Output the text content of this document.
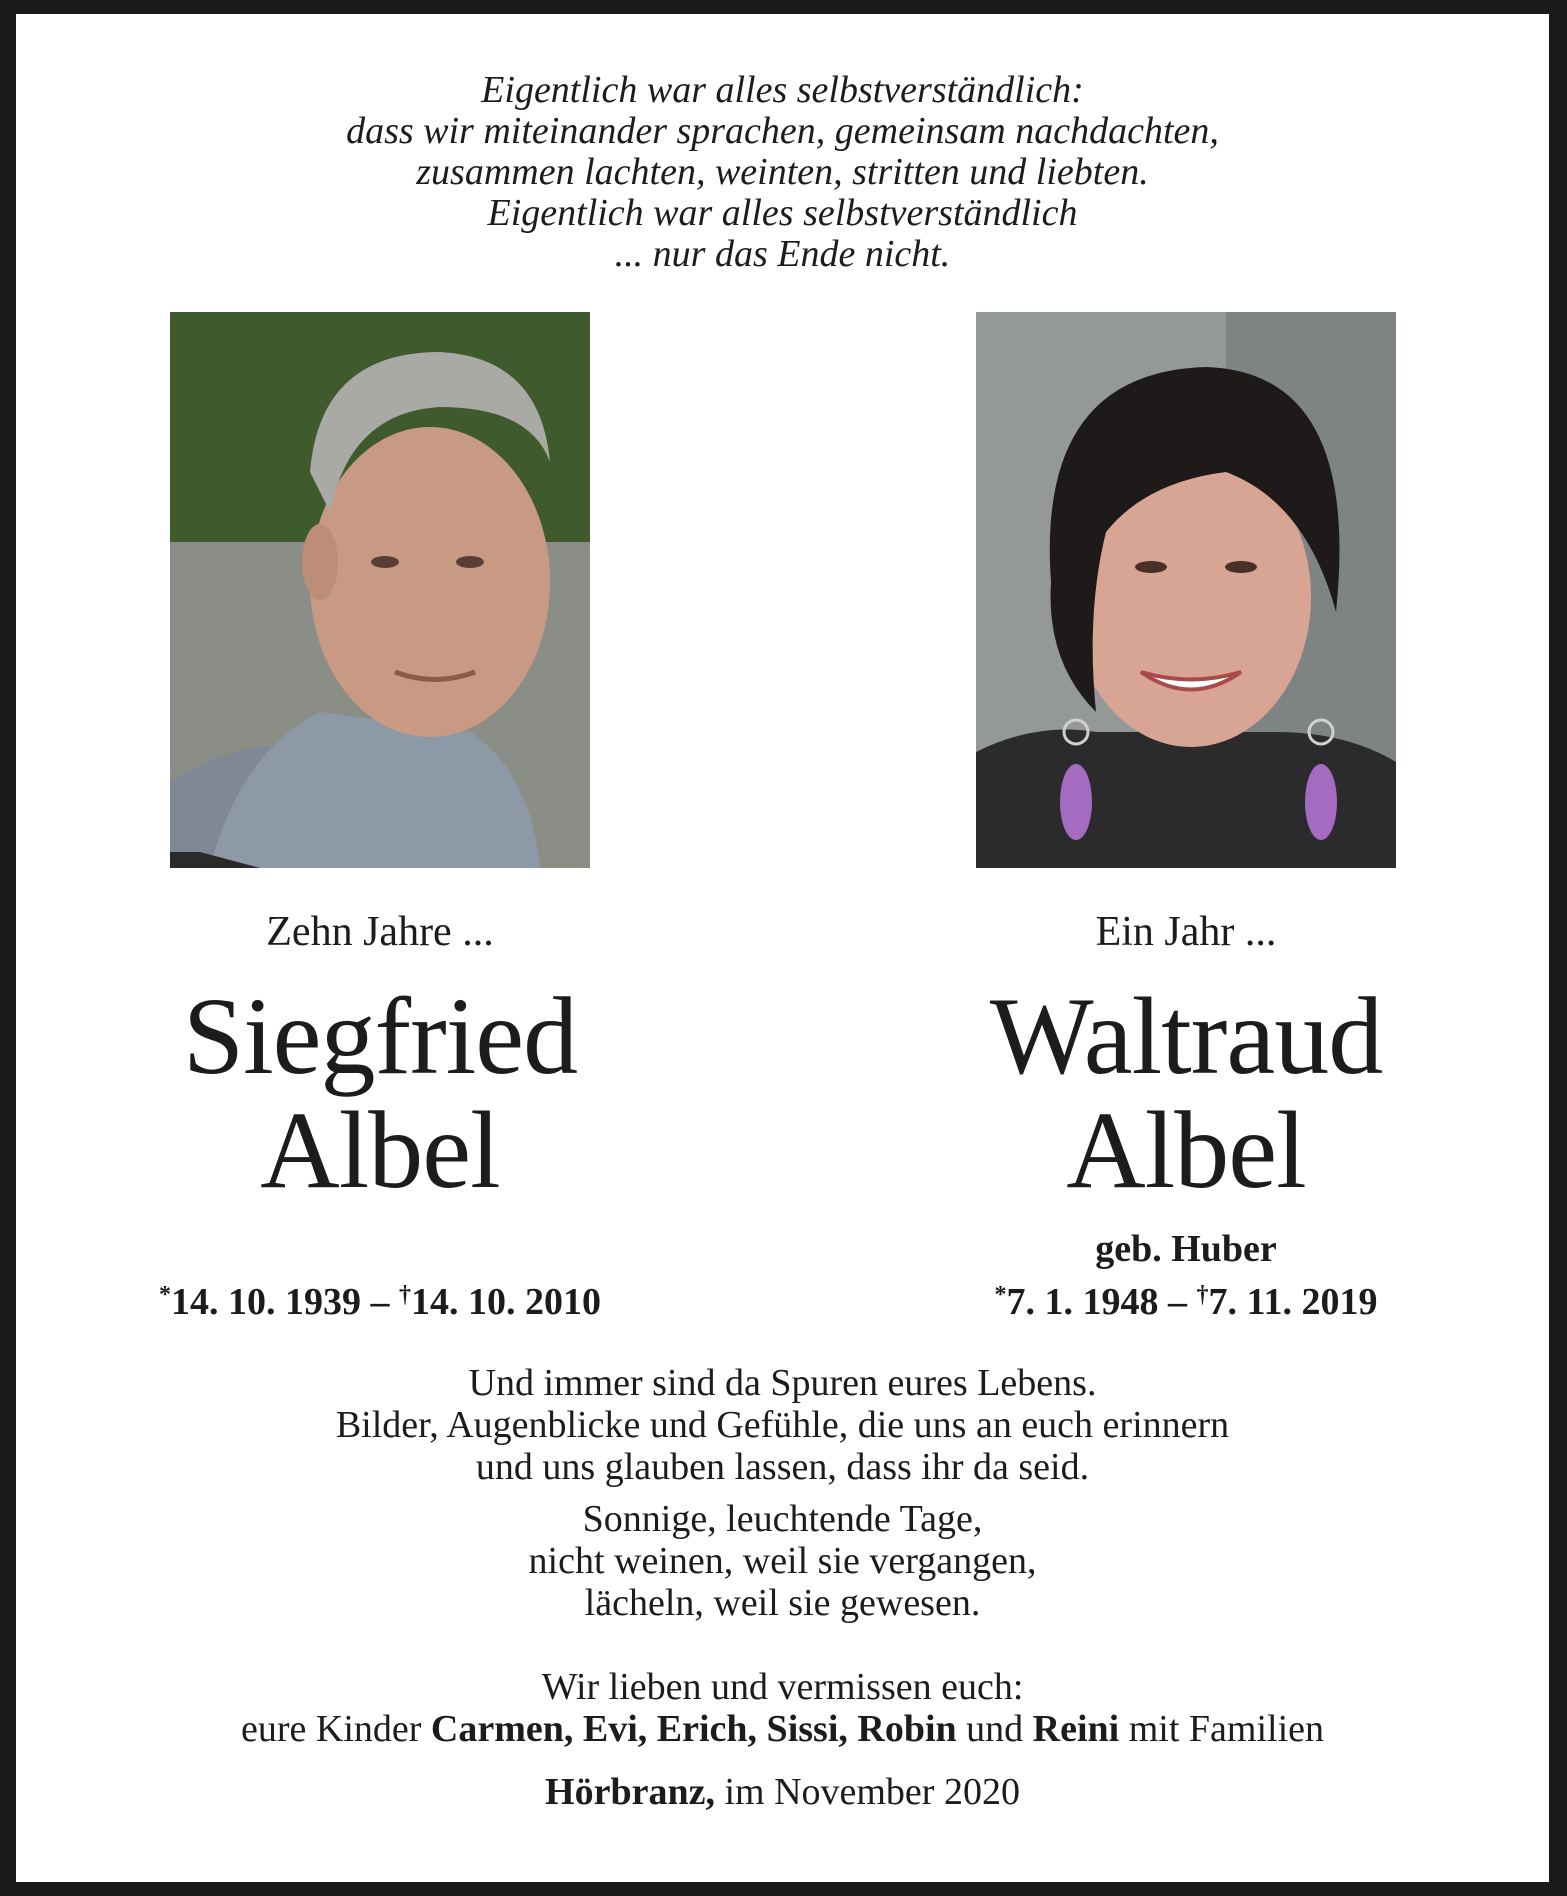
Eigentlich war alles selbstverständlich:
dass wir miteinander sprachen, gemeinsam nachdachten,
zusammen lachten, weinten, stritten und liebten.
Eigentlich war alles selbstverständlich
... nur das Ende nicht.
Zehn Jahre ...
Siegfried
Albel
*14. 10. 1939 – †14. 10. 2010
Ein Jahr ...
Waltraud
Albel
geb. Huber
*7. 1. 1948 – †7. 11. 2019
Und immer sind da Spuren eures Lebens.
Bilder, Augenblicke und Gefühle, die uns an euch erinnern
und uns glauben lassen, dass ihr da seid.
Sonnige, leuchtende Tage,
nicht weinen, weil sie vergangen,
lächeln, weil sie gewesen.
Wir lieben und vermissen euch:
eure Kinder Carmen, Evi, Erich, Sissi, Robin und Reini mit Familien
Hörbranz, im November 2020
